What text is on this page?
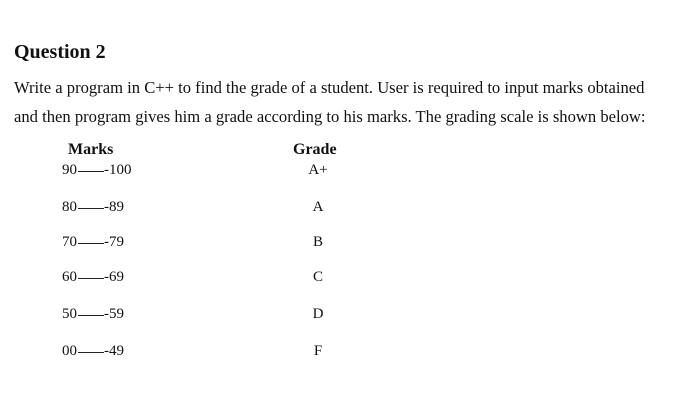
Question 2
Write a program in C++ to find the grade of a student. User is required to input marks obtained
and then program gives him a grade according to his marks. The grading scale is shown below:
Marks	Grade
90 -100	A+
80 -89	A
70 -79	B
60 -69	C
50 -59	D
00 -49	F
